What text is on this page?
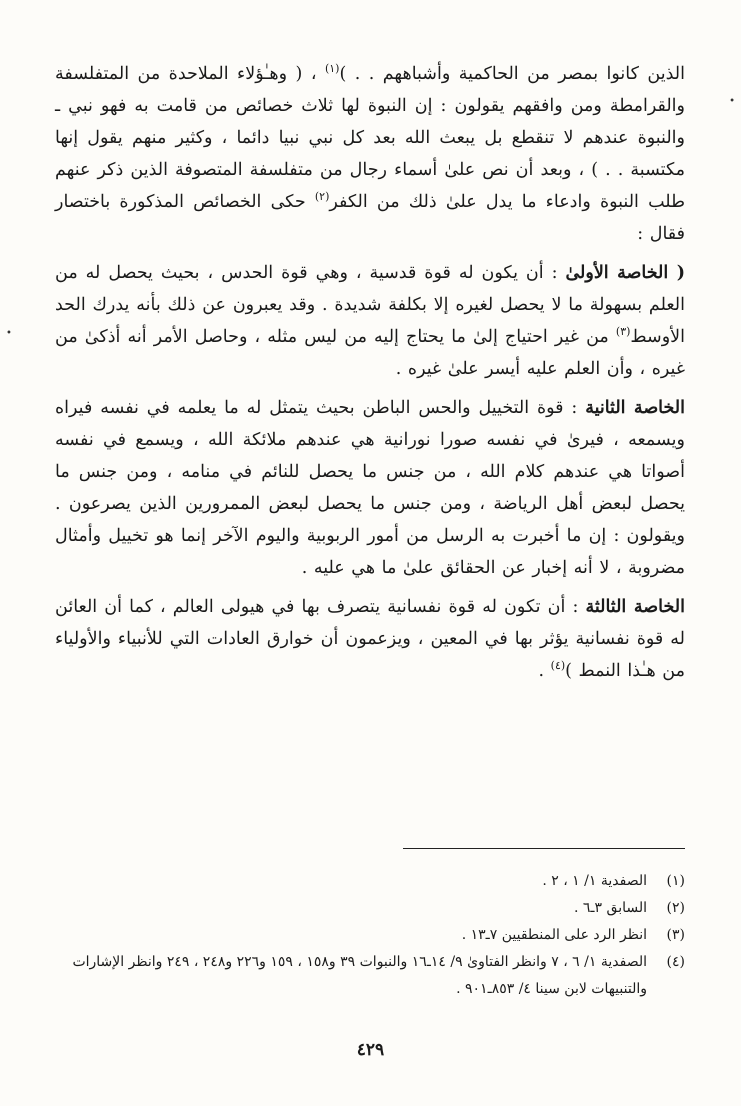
الذين كانوا بمصر من الحاكمية وأشباههم . . )$^{(١)}$ ، ( وهـٰؤلاء الملاحدة من المتفلسفة والقرامطة ومن وافقهم يقولون : إن النبوة لها ثلاث خصائص من قامت به فهو نبي ـ والنبوة عندهم لا تنقطع بل يبعث الله بعد كل نبي نبيا دائما ، وكثير منهم يقول إنها مكتسبة . . ) ، وبعد أن نص علىٰ أسماء رجال من متفلسفة المتصوفة الذين ذكر عنهم طلب النبوة وادعاء ما يدل علىٰ ذلك من الكفر$^{(٢)}$ حكى الخصائص المذكورة باختصار فقال :

( الخاصة الأولىٰ : أن يكون له قوة قدسية ، وهي قوة الحدس ، بحيث يحصل له من العلم بسهولة ما لا يحصل لغيره إلا بكلفة شديدة . وقد يعبرون عن ذلك بأنه يدرك الحد الأوسط$^{(٣)}$ من غير احتياج إلىٰ ما يحتاج إليه من ليس مثله ، وحاصل الأمر أنه أذكىٰ من غيره ، وأن العلم عليه أيسر علىٰ غيره .

الخاصة الثانية : قوة التخييل والحس الباطن بحيث يتمثل له ما يعلمه في نفسه فيراه ويسمعه ، فيرىٰ في نفسه صورا نورانية هي عندهم ملائكة الله ، ويسمع في نفسه أصواتا هي عندهم كلام الله ، من جنس ما يحصل للنائم في منامه ، ومن جنس ما يحصل لبعض أهل الرياضة ، ومن جنس ما يحصل لبعض الممرورين الذين يصرعون . ويقولون : إن ما أخبرت به الرسل من أمور الربوبية واليوم الآخر إنما هو تخييل وأمثال مضروبة ، لا أنه إخبار عن الحقائق علىٰ ما هي عليه .

الخاصة الثالثة : أن تكون له قوة نفسانية يتصرف بها في هيولى العالم ، كما أن العائن له قوة نفسانية يؤثر بها في المعين ، ويزعمون أن خوارق العادات التي للأنبياء والأولياء من هـٰذا النمط )$^{(٤)}$ .

•
•
(١)
الصفدية ١/ ١ ، ٢ .
(٢)
السابق ٣ـ٦ .
(٣)
انظر الرد على المنطقيين ٧ـ١٣ .
(٤)
الصفدية ١/ ٦ ، ٧ وانظر الفتاوىٰ ٩/ ١٤ـ١٦ والنبوات ٣٩ و١٥٨ ، ١٥٩ و٢٢٦ و٢٤٨ ، ٢٤٩ وانظر الإشارات والتنبيهات لابن سينا ٤/ ٨٥٣ـ٩٠١ .
٤٢٩
